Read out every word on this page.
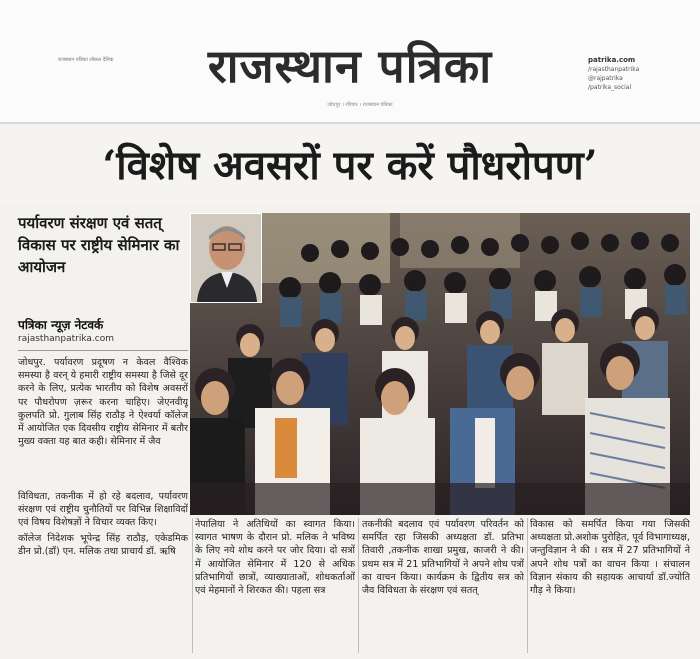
राजस्थान पत्रिका लोकल दैनिक	राजस्थान पत्रिका	patrika.com
/rajasthanpatrika
@rajpatrika
/patrika_social
जोधपुर । रविवार । राजस्थान पत्रिका
‘विशेष अवसरों पर करें पौधरोपण’
पर्यावरण संरक्षण एवं सतत् विकास पर राष्ट्रीय सेमिनार का आयोजन
पत्रिका न्यूज़ नेटवर्क
rajasthanpatrika.com

जोधपुर. पर्यावरण प्रदूषण न केवल वैश्विक समस्या है वरन् ये हमारी राष्ट्रीय समस्या है जिसे दूर करने के लिए, प्रत्येक भारतीय को विशेष अवसरों पर पौधरोपण ज़रूर करना चाहिए। जेएनवीयू कुलपति प्रो. गुलाब सिंह राठौड़ ने ऐश्वर्या कॉलेज में आयोजित एक दिवसीय राष्ट्रीय सेमिनार में बतौर मुख्य वक्ता यह बात कही। सेमिनार में जैव

विविधता, तकनीक में हो रहे बदलाव, पर्यावरण संरक्षण एवं राष्ट्रीय चुनौतियों पर विभिन्न शिक्षाविदों एवं विषय विशेषज्ञों ने विचार व्यक्त किए।

कॉलेज निदेशक भूपेन्द्र सिंह राठौड़, एकेडमिक डीन प्रो.(डॉ) एन. मलिक तथा प्राचार्य डॉ. ऋषि

नेपालिया ने अतिथियों का स्वागत किया। स्वागत भाषण के दौरान प्रो. मलिक ने भविष्य के लिए नये शोध करने पर जोर दिया। दो सत्रों में आयोजित सेमिनार में 120 से अधिक प्रतिभागियों छात्रों, व्याख्याताओं, शोधकर्ताओं एवं मेहमानों ने शिरकत की। पहला सत्र
तकनीकी बदलाव एवं पर्यावरण परिवर्तन को समर्पित रहा जिसकी अध्यक्षता डॉ. प्रतिभा तिवारी ,तकनीक शाखा प्रमुख, काजरी ने की। प्रथम सत्र में 21 प्रतिभागियों ने अपने शोध पत्रों का वाचन किया। कार्यक्रम के द्वितीय सत्र को जैव विविधता के संरक्षण एवं सतत्
विकास को समर्पित किया गया जिसकी अध्यक्षता प्रो.अशोक पुरोहित, पूर्व विभागाध्यक्ष, जन्तुविज्ञान ने की । सत्र में 27 प्रतिभागियों ने अपने शोध पत्रों का वाचन किया । संचालन विज्ञान संकाय की सहायक आचार्या डॉ.ज्योति गौड़ ने किया।
